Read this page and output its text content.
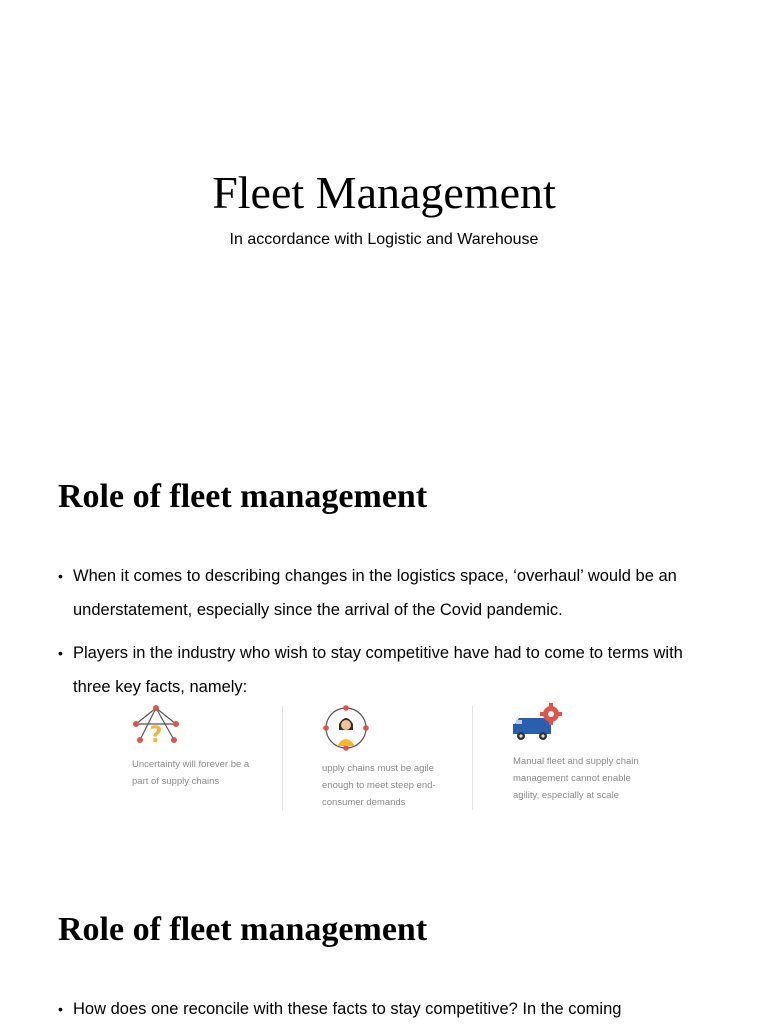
Fleet Management

In accordance with Logistic and Warehouse

Role of fleet management
• When it comes to describing changes in the logistics space, ‘overhaul’ would be an understatement, especially since the arrival of the Covid pandemic.
• Players in the industry who wish to stay competitive have had to come to terms with three key facts, namely:
?

Uncertainty will forever be a
part of supply chains

upply chains must be agile
enough to meet steep end-
consumer demands

Manual fleet and supply chain
management cannot enable
agility, especially at scale

Role of fleet management
• How does one reconcile with these facts to stay competitive? In the coming
